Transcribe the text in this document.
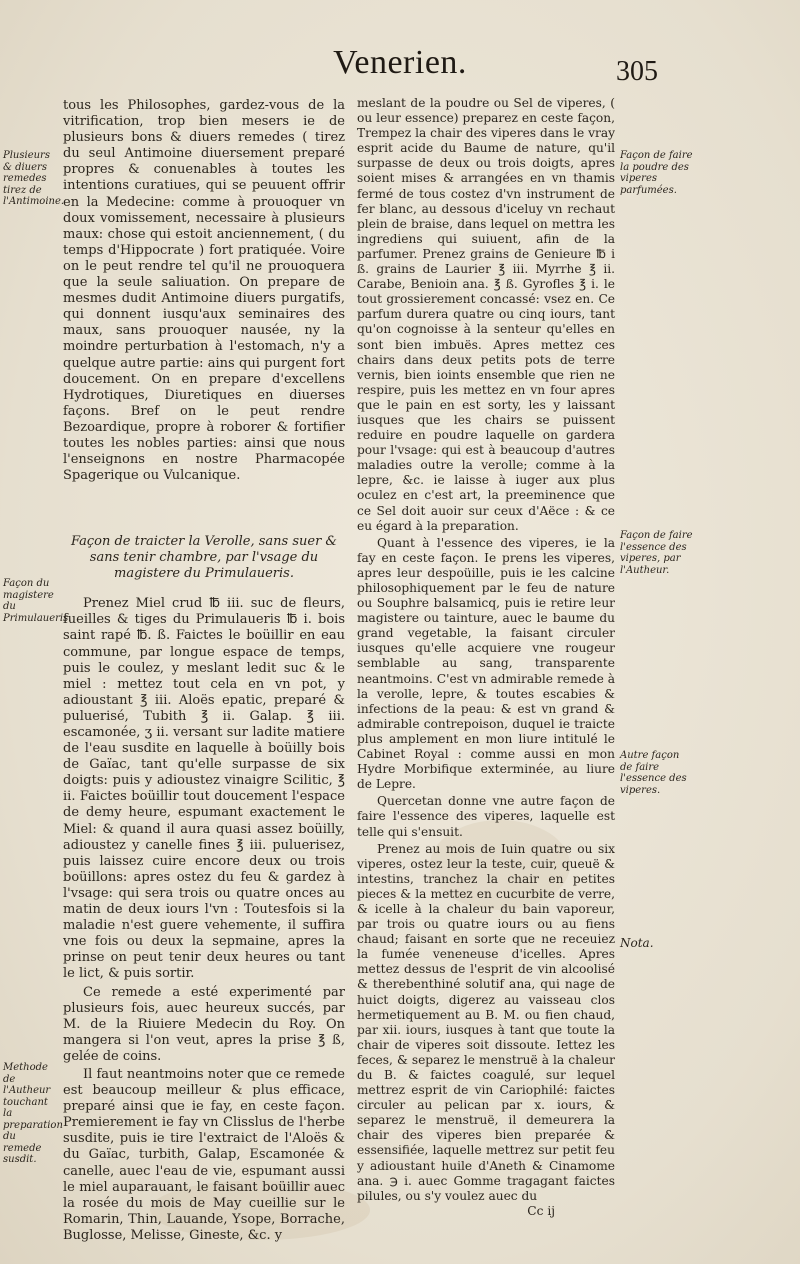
Venerien.	305
Plusieurs & diuers remedes tirez de l'Antimoine.
Façon du magistere du Primulaueris.
Methode de l'Autheur touchant la preparation du remede susdit.
Façon de faire la poudre des viperes parfumées.
Façon de faire l'essence des viperes, par l'Autheur.
Autre façon de faire l'essence des viperes.
Nota.

tous les Philosophes, gardez-vous de la vitrification, trop bien mesers ie de plusieurs bons & diuers remedes ( tirez du seul Antimoine diuersement preparé propres & conuenables à toutes les intentions curatiues, qui se peuuent offrir en la Medecine: comme à prouoquer vn doux vomissement, necessaire à plusieurs maux: chose qui estoit anciennement, ( du temps d'Hippocrate ) fort pratiquée. Voire on le peut rendre tel qu'il ne prouoquera que la seule saliuation. On prepare de mesmes dudit Antimoine diuers purgatifs, qui donnent iusqu'aux seminaires des maux, sans prouoquer nausée, ny la moindre perturbation à l'estomach, n'y a quelque autre partie: ains qui purgent fort doucement. On en prepare d'excellens Hydrotiques, Diuretiques en diuerses façons. Bref on le peut rendre Bezoardique, propre à roborer & fortifier toutes les nobles parties: ainsi que nous l'enseignons en nostre Pharmacopée Spagerique ou Vulcanique.

Façon de traicter la Verolle, sans suer & sans tenir chambre, par l'vsage du magistere du Primulaueris.

Prenez Miel crud ℔ iii. suc de fleurs, fueilles & tiges du Primulaueris ℔ i. bois saint rapé ℔. ß. Faictes le boüillir en eau commune, par longue espace de temps, puis le coulez, y meslant ledit suc & le miel : mettez tout cela en vn pot, y adioustant ℥ iii. Aloës epatic, preparé & puluerisé, Tubith ℥ ii. Galap. ℥ iii. escamonée, ʒ ii. versant sur ladite matiere de l'eau susdite en laquelle à boüilly bois de Gaïac, tant qu'elle surpasse de six doigts: puis y adioustez vinaigre Scilitic, ℥ ii. Faictes boüillir tout doucement l'espace de demy heure, espumant exactement le Miel: & quand il aura quasi assez boüilly, adioustez y canelle fines ℥ iii. puluerisez, puis laissez cuire encore deux ou trois boüillons: apres ostez du feu & gardez à l'vsage: qui sera trois ou quatre onces au matin de deux iours l'vn : Toutesfois si la maladie n'est guere vehemente, il suffira vne fois ou deux la sepmaine, apres la prinse on peut tenir deux heures ou tant le lict, & puis sortir.

Ce remede a esté experimenté par plusieurs fois, auec heureux succés, par M. de la Riuiere Medecin du Roy. On mangera si l'on veut, apres la prise ℥ ß, gelée de coins.

Il faut neantmoins noter que ce remede est beaucoup meilleur & plus efficace, preparé ainsi que ie fay, en ceste façon. Premierement ie fay vn Clisslus de l'herbe susdite, puis ie tire l'extraict de l'Aloës & du Gaïac, turbith, Galap, Escamonée & canelle, auec l'eau de vie, espumant aussi le miel auparauant, le faisant boüillir auec la rosée du mois de May cueillie sur le Romarin, Thin, Lauande, Ysope, Borrache, Buglosse, Melisse, Gineste, &c. y

meslant de la poudre ou Sel de viperes, ( ou leur essence) preparez en ceste façon, Trempez la chair des viperes dans le vray esprit acide du Baume de nature, qu'il surpasse de deux ou trois doigts, apres soient mises & arrangées en vn thamis fermé de tous costez d'vn instrument de fer blanc, au dessous d'iceluy vn rechaut plein de braise, dans lequel on mettra les ingrediens qui suiuent, afin de la parfumer. Prenez grains de Genieure ℔ i ß. grains de Laurier ℥ iii. Myrrhe ℥ ii. Carabe, Benioin ana. ℥ ß. Gyrofles ℥ i. le tout grossierement concassé: vsez en. Ce parfum durera quatre ou cinq iours, tant qu'on cognoisse à la senteur qu'elles en sont bien imbuës. Apres mettez ces chairs dans deux petits pots de terre vernis, bien ioints ensemble que rien ne respire, puis les mettez en vn four apres que le pain en est sorty, les y laissant iusques que les chairs se puissent reduire en poudre laquelle on gardera pour l'vsage: qui est à beaucoup d'autres maladies outre la verolle; comme à la lepre, &c. ie laisse à iuger aux plus oculez en c'est art, la preeminence que ce Sel doit auoir sur ceux d'Aëce : & ce eu égard à la preparation.

Quant à l'essence des viperes, ie la fay en ceste façon. Ie prens les viperes, apres leur despoüille, puis ie les calcine philosophiquement par le feu de nature ou Souphre balsamicq, puis ie retire leur magistere ou tainture, auec le baume du grand vegetable, la faisant circuler iusques qu'elle acquiere vne rougeur semblable au sang, transparente neantmoins. C'est vn admirable remede à la verolle, lepre, & toutes escabies & infections de la peau: & est vn grand & admirable contrepoison, duquel ie traicte plus amplement en mon liure intitulé le Cabinet Royal : comme aussi en mon Hydre Morbifique exterminée, au liure de Lepre.

Quercetan donne vne autre façon de faire l'essence des viperes, laquelle est telle qui s'ensuit.

Prenez au mois de Iuin quatre ou six viperes, ostez leur la teste, cuir, queuë & intestins, tranchez la chair en petites pieces & la mettez en cucurbite de verre, & icelle à la chaleur du bain vaporeur, par trois ou quatre iours ou au fiens chaud; faisant en sorte que ne receuiez la fumée veneneuse d'icelles. Apres mettez dessus de l'esprit de vin alcoolisé & therebenthiné solutif ana, qui nage de huict doigts, digerez au vaisseau clos hermetiquement au B. M. ou fien chaud, par xii. iours, iusques à tant que toute la chair de viperes soit dissoute. Iettez les feces, & separez le menstruë à la chaleur du B. & faictes coagulé, sur lequel mettrez esprit de vin Cariophilé: faictes circuler au pelican par x. iours, & separez le menstruë, il demeurera la chair des viperes bien preparée & essensifiée, laquelle mettrez sur petit feu y adioustant huile d'Aneth & Cinamome ana. ℈ i. auec Gomme tragagant faictes pilules, ou s'y voulez auec du

Cc ij
